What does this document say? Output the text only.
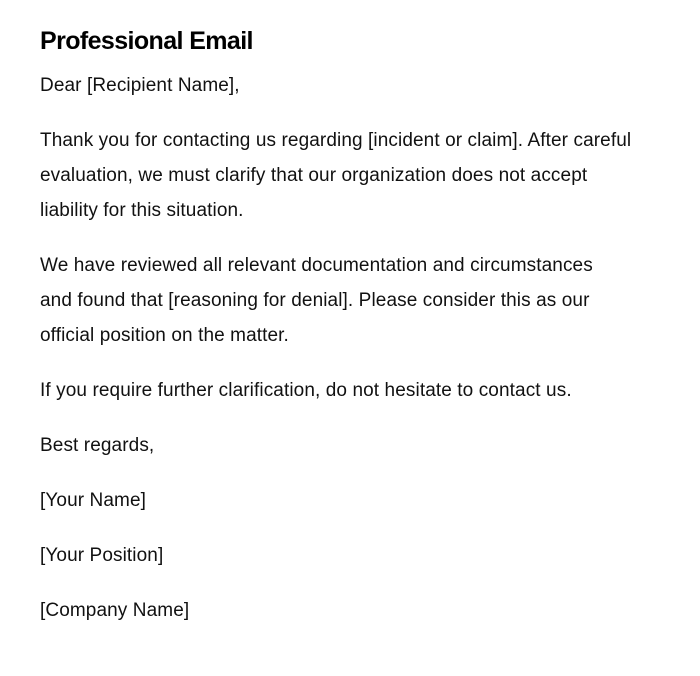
Professional Email

Dear [Recipient Name],

Thank you for contacting us regarding [incident or claim]. After careful evaluation, we must clarify that our organization does not accept liability for this situation.

We have reviewed all relevant documentation and circumstances and found that [reasoning for denial]. Please consider this as our official position on the matter.

If you require further clarification, do not hesitate to contact us.

Best regards,

[Your Name]

[Your Position]

[Company Name]
